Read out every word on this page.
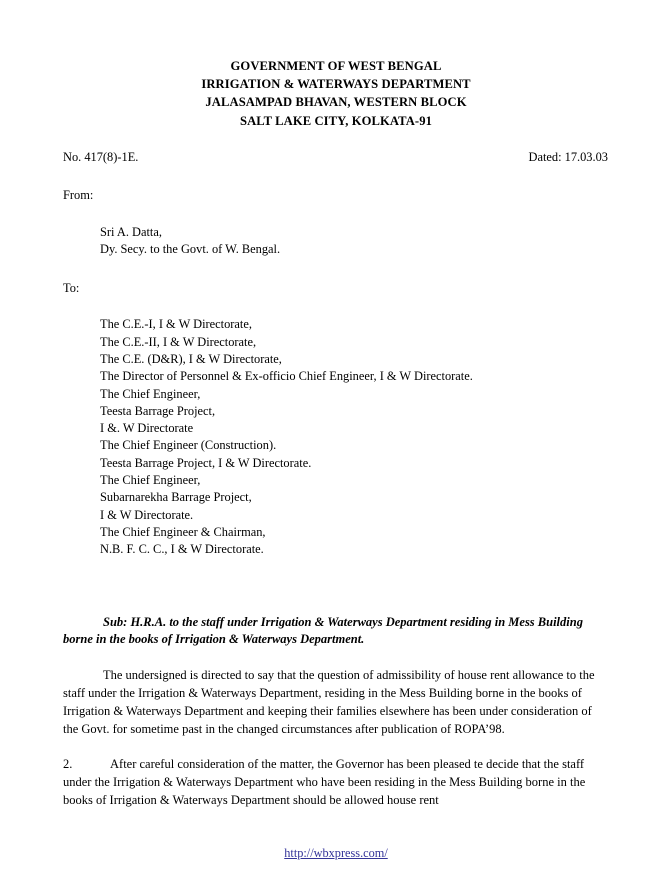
GOVERNMENT OF WEST BENGAL
IRRIGATION & WATERWAYS DEPARTMENT
JALASAMPAD BHAVAN, WESTERN BLOCK
SALT LAKE CITY, KOLKATA-91
No. 417(8)-1E.	Dated: 17.03.03
From:
Sri A. Datta,
Dy. Secy. to the Govt. of W. Bengal.
To:
The C.E.-I, I & W Directorate,
The C.E.-II, I & W Directorate,
The C.E. (D&R), I & W Directorate,
The Director of Personnel & Ex-officio Chief Engineer, I & W Directorate.
The Chief Engineer,
Teesta Barrage Project,
I &. W Directorate
The Chief Engineer (Construction).
Teesta Barrage Project, I & W Directorate.
The Chief Engineer,
Subarnarekha Barrage Project,
I & W Directorate.
The Chief Engineer & Chairman,
N.B. F. C. C., I & W Directorate.
Sub: H.R.A. to the staff under Irrigation & Waterways Department residing in Mess Building borne in the books of Irrigation & Waterways Department.
The undersigned is directed to say that the question of admissibility of house rent allowance to the staff under the Irrigation & Waterways Department, residing in the Mess Building borne in the books of Irrigation & Waterways Department and keeping their families elsewhere has been under consideration of the Govt. for sometime past in the changed circumstances after publication of ROPA’98.
2.	After careful consideration of the matter, the Governor has been pleased te decide that the staff under the Irrigation & Waterways Department who have been residing in the Mess Building borne in the books of Irrigation & Waterways Department should be allowed house rent
http://wbxpress.com/
